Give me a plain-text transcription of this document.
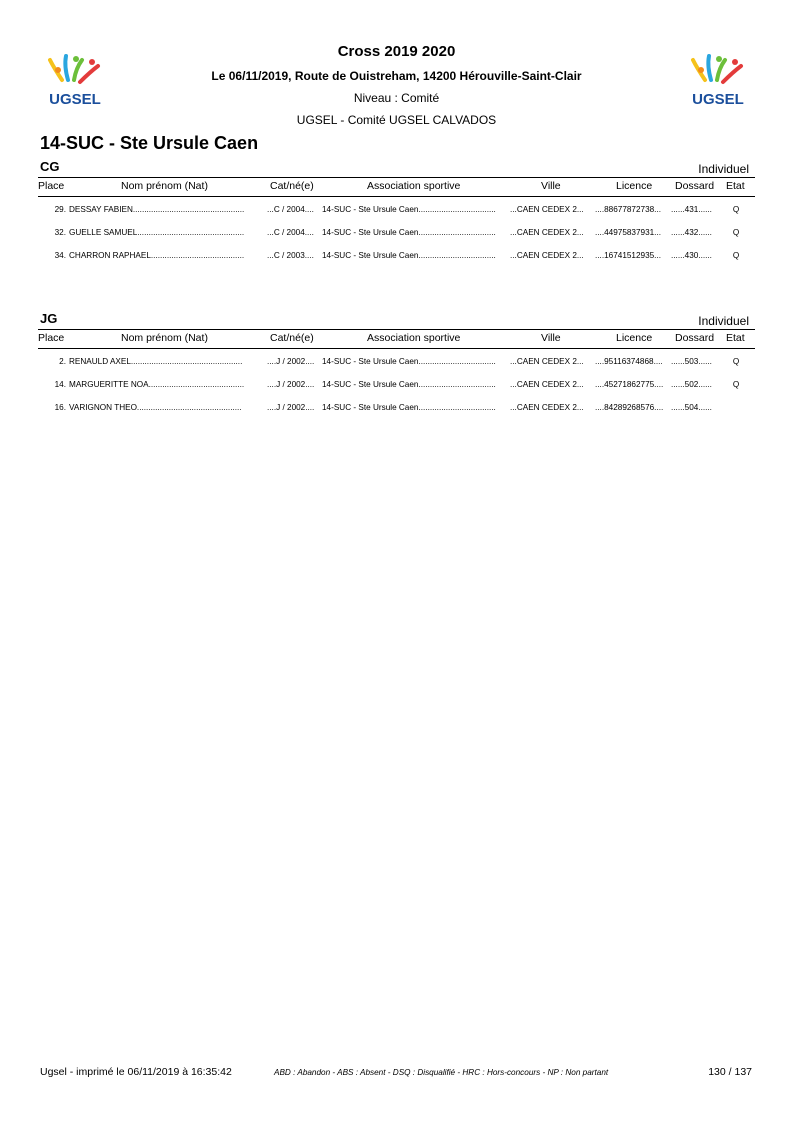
UGSEL	UGSEL
Cross 2019 2020
Le 06/11/2019, Route de Ouistreham, 14200 Hérouville-Saint-Clair
Niveau : Comité
UGSEL - Comité UGSEL CALVADOS
14-SUC - Ste Ursule Caen
CG	Individuel
Place	Nom prénom (Nat)	Cat/né(e)	Association sportive	Ville	Licence Dossard Etat
29. DESSAY FABIEN.................................................	...C / 2004.... 14-SUC - Ste Ursule Caen..................................	...CAEN CEDEX 2...	....88677872738...	......431......	Q
32. GUELLE SAMUEL...............................................	...C / 2004.... 14-SUC - Ste Ursule Caen..................................	...CAEN CEDEX 2...	....44975837931...	......432......	Q
34. CHARRON RAPHAEL.........................................	...C / 2003.... 14-SUC - Ste Ursule Caen..................................	...CAEN CEDEX 2...	....16741512935...	......430......	Q
JG	Individuel
Place	Nom prénom (Nat)	Cat/né(e)	Association sportive	Ville	Licence Dossard Etat
2. RENAULD AXEL.................................................	....J / 2002.... 14-SUC - Ste Ursule Caen..................................	...CAEN CEDEX 2...	....95116374868....	......503......	Q
14. MARGUERITTE NOA..........................................	....J / 2002.... 14-SUC - Ste Ursule Caen..................................	...CAEN CEDEX 2...	....45271862775.... ......502......	Q
16. VARIGNON THEO..............................................	....J / 2002.... 14-SUC - Ste Ursule Caen..................................	...CAEN CEDEX 2...	....84289268576.... ......504......
Ugsel - imprimé le 06/11/2019 à 16:35:42	ABD : Abandon - ABS : Absent - DSQ : Disqualifié - HRC : Hors-concours - NP : Non partant	130 / 137
